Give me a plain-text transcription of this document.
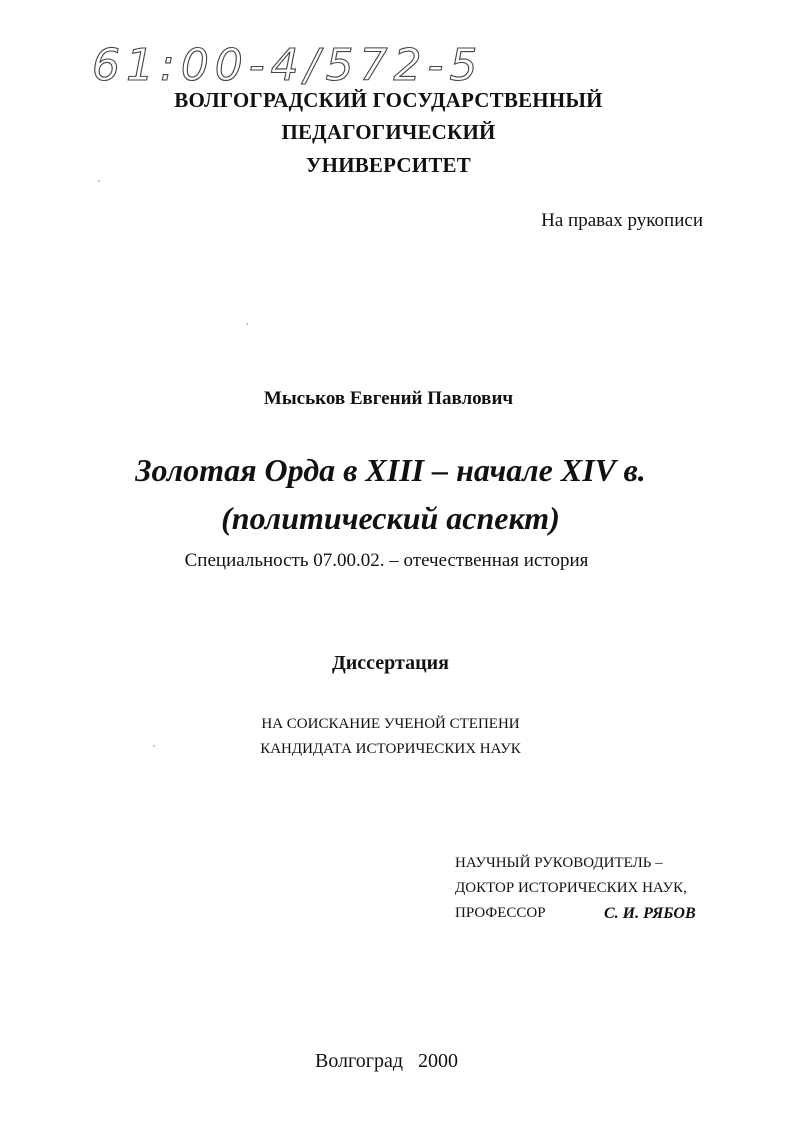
61:00-4/572-5
ВОЛГОГРАДСКИЙ ГОСУДАРСТВЕННЫЙ
ПЕДАГОГИЧЕСКИЙ
УНИВЕРСИТЕТ
На правах рукописи
Мыськов Евгений Павлович
Золотая Орда в XIII – начале XIV в.
(политический аспект)
Специальность 07.00.02. – отечественная история
Диссертация
НА СОИСКАНИЕ УЧЕНОЙ СТЕПЕНИ
КАНДИДАТА ИСТОРИЧЕСКИХ НАУК
НАУЧНЫЙ РУКОВОДИТЕЛЬ –
ДОКТОР ИСТОРИЧЕСКИХ НАУК,
ПРОФЕССОР	С. И. РЯБОВ
Волгоград 2000
